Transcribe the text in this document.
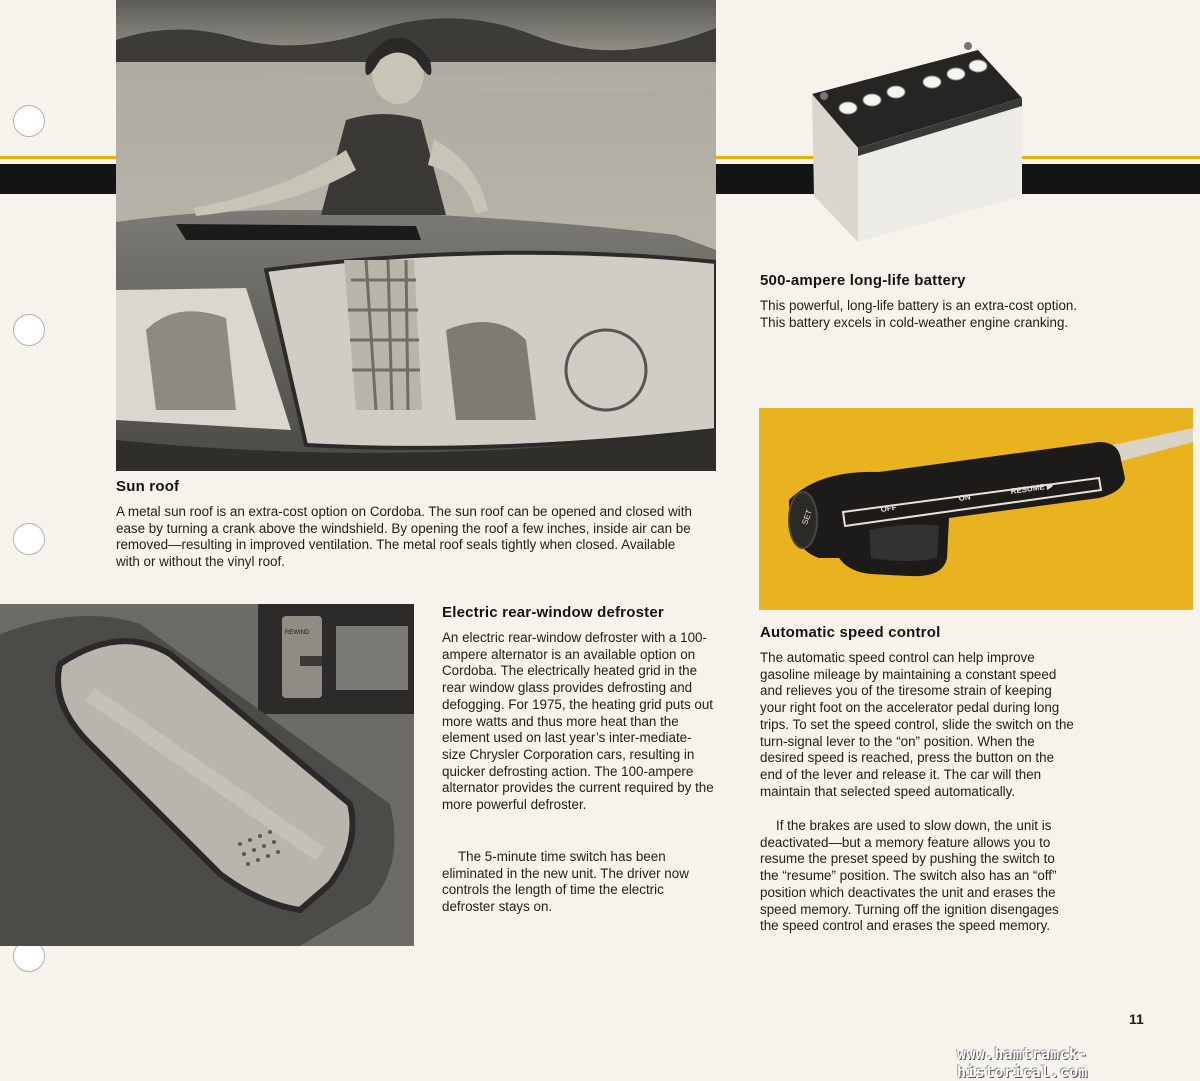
500-ampere long-life battery

This powerful, long-life battery is an extra-cost option. This battery excels in cold-weather engine cranking.

Sun roof

A metal sun roof is an extra-cost option on Cordoba. The sun roof can be opened and closed with ease by turning a crank above the windshield. By opening the roof a few inches, inside air can be removed—resulting in improved ventilation. The metal roof seals tightly when closed. Available with or without the vinyl roof.

SET	OFF
ON
RESUME ▶
REWIND
Electric rear-window defroster

An electric rear-window defroster with a 100-ampere alternator is an available option on Cordoba. The electrically heated grid in the rear window glass provides defrosting and defogging. For 1975, the heating grid puts out more watts and thus more heat than the element used on last year’s inter-mediate-size Chrysler Corporation cars, resulting in quicker defrosting action. The 100-ampere alternator provides the current required by the more powerful defroster.

The 5-minute time switch has been eliminated in the new unit. The driver now controls the length of time the electric defroster stays on.

Automatic speed control

The automatic speed control can help improve gasoline mileage by maintaining a constant speed and relieves you of the tiresome strain of keeping your right foot on the accelerator pedal during long trips. To set the speed control, slide the switch on the turn-signal lever to the “on” position. When the desired speed is reached, press the button on the end of the lever and release it. The car will then maintain that selected speed automatically.

If the brakes are used to slow down, the unit is deactivated—but a memory feature allows you to resume the preset speed by pushing the switch to the “resume” position. The switch also has an “off” position which deactivates the unit and erases the speed memory. Turning off the ignition disengages the speed control and erases the speed memory.

11
www.hamtramck-historical.com
